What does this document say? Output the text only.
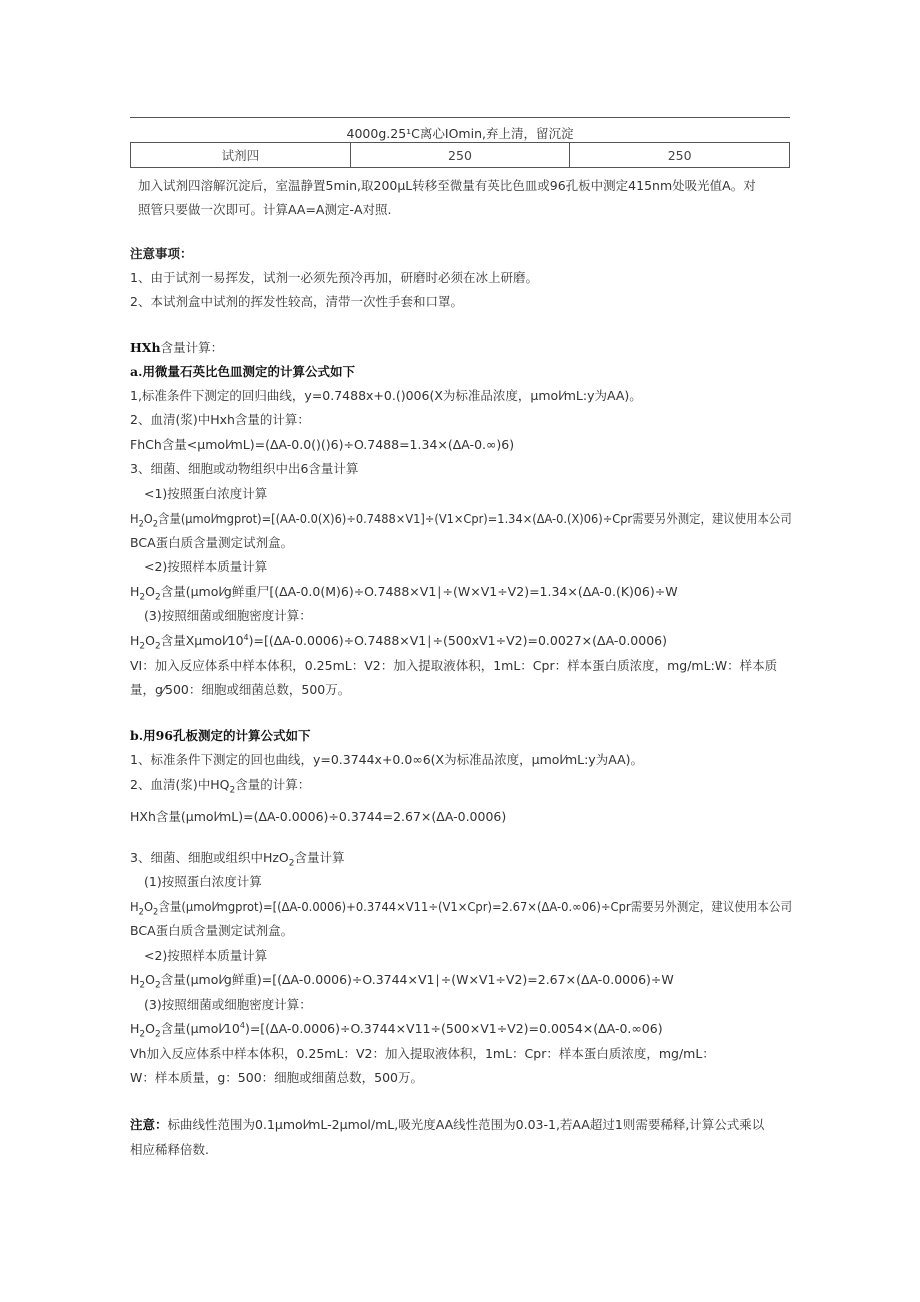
4000g.25¹C离心IOmin,弃上清，留沉淀
试剂四	250	250
加入试剂四溶解沉淀后，室温静置5min,取200μL转移至微量有英比色皿或96孔板中测定415nm处吸光值A。对
照管只要做一次即可。计算AA=A测定-A对照.
注意事项：
1、由于试剂一易挥发，试剂一必须先预冷再加，研磨时必须在冰上研磨。
2、本试剂盒中试剂的挥发性较高，清带一次性手套和口罩。
HXh含量计算：
a.用微量石英比色皿测定的计算公式如下
1,标准条件下测定的回归曲线，y=0.7488x+0.()006(X为标准品浓度，μmol⁄mL:y为AA)。
2、血清(浆)中Hxh含量的计算：
FhCh含量<μmol⁄mL)=(ΔA-0.0()()6)÷O.7488=1.34×(ΔA-0.∞)6)
3、细菌、细胞或动物组织中出6含量计算
<1)按照蛋白浓度计算
$H_2O_2$含量(μmol⁄mgprot)=[(AA-0.0(X)6)÷0.7488×V1]÷(V1×Cpr)=1.34×(ΔA-0.(X)06)÷Cpr需要另外测定，建议使用本公司
BCA蛋白质含量测定试剂盒。
<2)按照样本质量计算
$H_2O_2$含量(μmol⁄g鲜重尸[(ΔA-0.0(M)6)÷O.7488×V1∣÷(W×V1÷V2)=1.34×(ΔA-0.(K)06)÷W
(3)按照细菌或细胞密度计算：
$H_2O_2$含量$X\mu mol⁄10^4)=[(\Delta A-0.0006)\div O.7488\times V1∣\div(500xV1\div V2)=0.0027\times(\Delta A-0.0006)$
VI：加入反应体系中样本体积，0.25mL：V2：加入提取液体积，1mL：Cpr：样本蛋白质浓度，mg/mL:W：样本质
量，g⁄500：细胞或细菌总数，500万。
b.用96孔板测定的计算公式如下
1、标准条件下测定的回也曲线，y=0.3744x+0.0∞6(X为标准品浓度，μmol⁄mL:y为AA)。
2、血清(浆)中$HQ_2$含量的计算：
HXh含量(μmol⁄mL)=(ΔA-0.0006)÷0.3744=2.67×(ΔA-0.0006)
3、细菌、细胞或组织中HzO$_2$含量计算
(1)按照蛋白浓度计算
$H_2O_2$含量(μmol⁄mgprot)=[(ΔA-0.0006)+0.3744×V11÷(V1×Cpr)=2.67×(ΔA-0.∞06)÷Cpr需要另外测定，建议使用本公司
BCA蛋白质含量测定试剂盒。
<2)按照样本质量计算
$H_2O_2$含量(μmol⁄g鲜重)=[(ΔA-0.0006)÷O.3744×V1∣÷(W×V1÷V2)=2.67×(ΔA-0.0006)÷W
(3)按照细菌或细胞密度计算：
$H_2O_2$含量$(\mu mol⁄10^4)=[(\Delta A-0.0006)\div O.3744\times V11\div(500\times V1\div V2)=0.0054\times(\Delta A-0.\infty 06)$
Vh加入反应体系中样本体积，0.25mL：V2：加入提取液体积，1mL：Cpr：样本蛋白质浓度，mg/mL：
W：样本质量，g：500：细胞或细菌总数，500万。
注意：标曲线性范围为0.1μmol⁄mL-2μmol/mL,吸光度AA线性范围为0.03-1,若AA超过1则需要稀释,计算公式乘以
相应稀释倍数.
